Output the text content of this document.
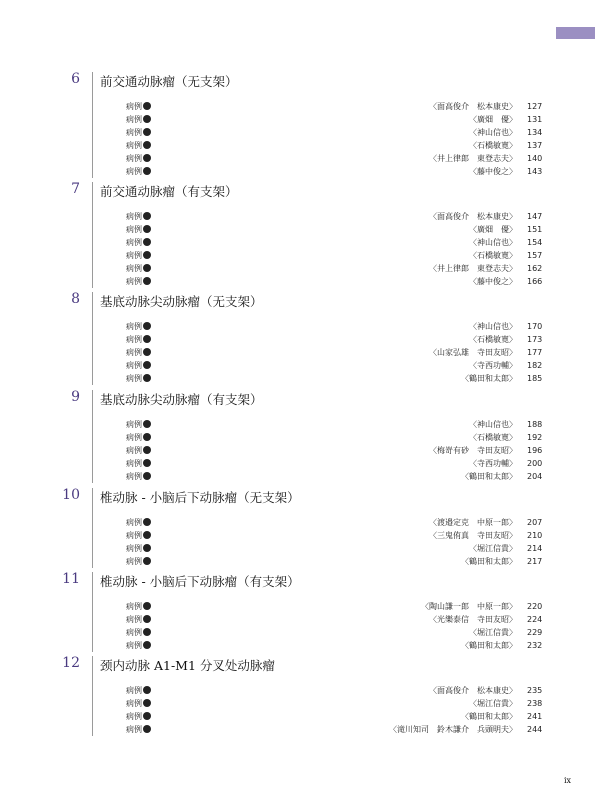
6 前交通动脉瘤（无支架）
病例	〈面高俊介　松本康史〉 127
病例	〈廣畑　優〉 131
病例	〈神山信也〉 134
病例	〈石橋敏寛〉 137
病例	〈井上律郎　東登志夫〉 140
病例	〈藤中俊之〉 143
7 前交通动脉瘤（有支架）
病例	〈面高俊介　松本康史〉 147
病例	〈廣畑　優〉 151
病例	〈神山信也〉 154
病例	〈石橋敏寛〉 157
病例	〈井上律郎　東登志夫〉 162
病例	〈藤中俊之〉 166
8 基底动脉尖动脉瘤（无支架）
病例	〈神山信也〉 170
病例	〈石橋敏寛〉 173
病例	〈山家弘雄　寺田友昭〉 177
病例	〈寺西功輔〉 182
病例	〈鶴田和太郎〉 185
9 基底动脉尖动脉瘤（有支架）
病例	〈神山信也〉 188
病例	〈石橋敏寛〉 192
病例	〈梅嵜有砂　寺田友昭〉 196
病例	〈寺西功輔〉 200
病例	〈鶴田和太郎〉 204
10 椎动脉 - 小脑后下动脉瘤（无支架）
病例	〈渡邉定克　中原一郎〉 207
病例	〈三鬼侑真　寺田友昭〉 210
病例	〈堀江信貴〉 214
病例	〈鶴田和太郎〉 217
11 椎动脉 - 小脑后下动脉瘤（有支架）
病例	〈陶山謙一郎　中原一郎〉 220
病例	〈光樂泰信　寺田友昭〉 224
病例	〈堀江信貴〉 229
病例	〈鶴田和太郎〉 232
12 颈内动脉 A1-M1 分叉处动脉瘤
病例	〈面高俊介　松本康史〉 235
病例	〈堀江信貴〉 238
病例	〈鶴田和太郎〉 241
病例	〈滝川知司　鈴木謙介　兵頭明夫〉 244
ix
